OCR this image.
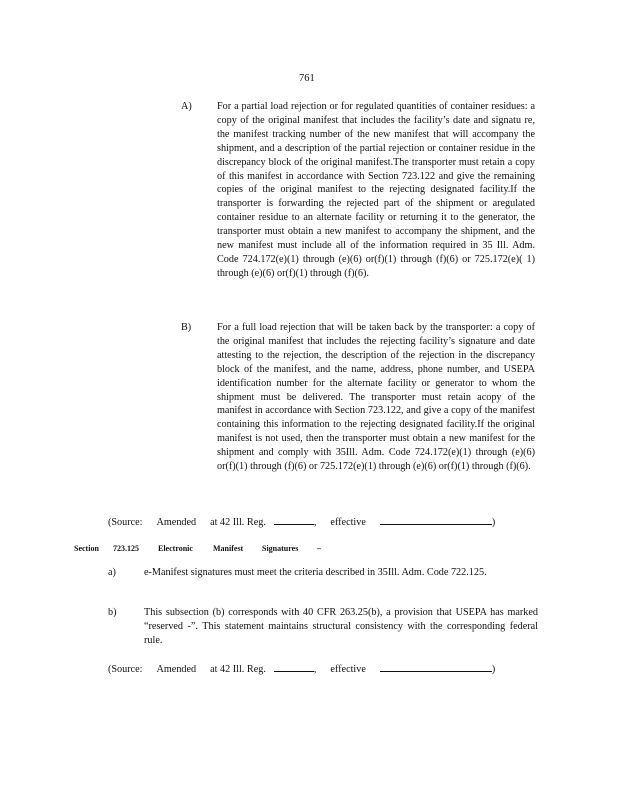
761
A) For a partial load rejection or for regulated quantities of container residues: a copy of the original manifest that includes the facility’s date and signatu re, the manifest tracking number of the new manifest that will accompany the shipment, and a description of the partial rejection or container residue in the discrepancy block of the original manifest.The transporter must retain a copy of this manifest in accordance with Section 723.122 and give the remaining copies of the original manifest to the rejecting designated facility.If the transporter is forwarding the rejected part of the shipment or aregulated container residue to an alternate facility or returning it to the generator, the transporter must obtain a new manifest to accompany the shipment, and the new manifest must include all of the information required in 35 Ill. Adm. Code 724.172(e)(1) through (e)(6) or(f)(1) through (f)(6) or 725.172(e)( 1) through (e)(6) or(f)(1) through (f)(6).
B)	For a full load rejection that will be taken back by the transporter: a copy of the original manifest that includes the rejecting facility’s signature and date attesting to the rejection, the description of the rejection in the discrepancy block of the manifest, and the name, address, phone number, and USEPA identification number for the alternate facility or generator to whom the shipment must be delivered. The transporter must retain acopy of the manifest in accordance with Section 723.122, and give a copy of the manifest containing this information to the rejecting designated facility.If the original manifest is not used, then the transporter must obtain a new manifest for the shipment and comply with 35Ill. Adm. Code 724.172(e)(1) through (e)(6) or(f)(1) through (f)(6) or 725.172(e)(1) through (e)(6) or(f)(1) through (f)(6).
(Source: Amended at 42 Ill. Reg.	, effective	)
Section 723.125 Electronic	Manifest Signatures –
a)	e-Manifest signatures must meet the criteria described in 35Ill. Adm. Code 722.125.
b)	This subsection (b) corresponds with 40 CFR 263.25(b), a provision that USEPA has marked “reserved -”. This statement maintains structural consistency with the corresponding federal rule.
(Source: Amended at 42 Ill. Reg.	, effective	)
